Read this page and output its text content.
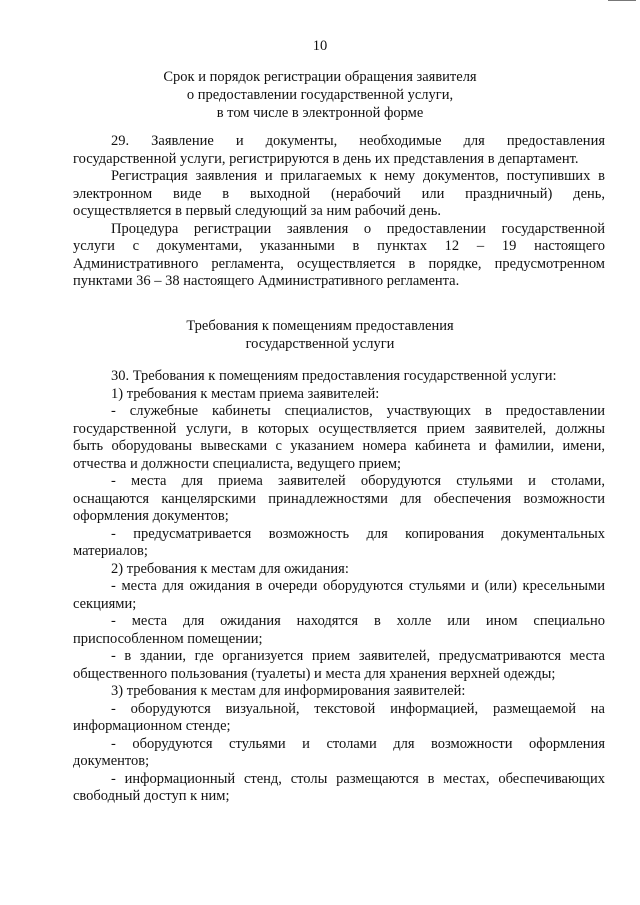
10
Срок и порядок регистрации обращения заявителя
о предоставлении государственной услуги,
в том числе в электронной форме
29. Заявление и документы, необходимые для предоставления
государственной услуги, регистрируются в день их представления в департамент.
Регистрация заявления и прилагаемых к нему документов, поступивших в
электронном виде в выходной (нерабочий или праздничный) день,
осуществляется в первый следующий за ним рабочий день.
Процедура регистрации заявления о предоставлении государственной
услуги с документами, указанными в пунктах 12 – 19 настоящего
Административного регламента, осуществляется в порядке, предусмотренном
пунктами 36 – 38 настоящего Административного регламента.
Требования к помещениям предоставления
государственной услуги
30. Требования к помещениям предоставления государственной услуги:
1) требования к местам приема заявителей:
- служебные кабинеты специалистов, участвующих в предоставлении
государственной услуги, в которых осуществляется прием заявителей, должны
быть оборудованы вывесками с указанием номера кабинета и фамилии, имени,
отчества и должности специалиста, ведущего прием;
- места для приема заявителей оборудуются стульями и столами,
оснащаются канцелярскими принадлежностями для обеспечения возможности
оформления документов;
- предусматривается возможность для копирования документальных
материалов;
2) требования к местам для ожидания:
- места для ожидания в очереди оборудуются стульями и (или) кресельными
секциями;
- места для ожидания находятся в холле или ином специально
приспособленном помещении;
- в здании, где организуется прием заявителей, предусматриваются места
общественного пользования (туалеты) и места для хранения верхней одежды;
3) требования к местам для информирования заявителей:
- оборудуются визуальной, текстовой информацией, размещаемой на
информационном стенде;
- оборудуются стульями и столами для возможности оформления
документов;
- информационный стенд, столы размещаются в местах, обеспечивающих
свободный доступ к ним;
